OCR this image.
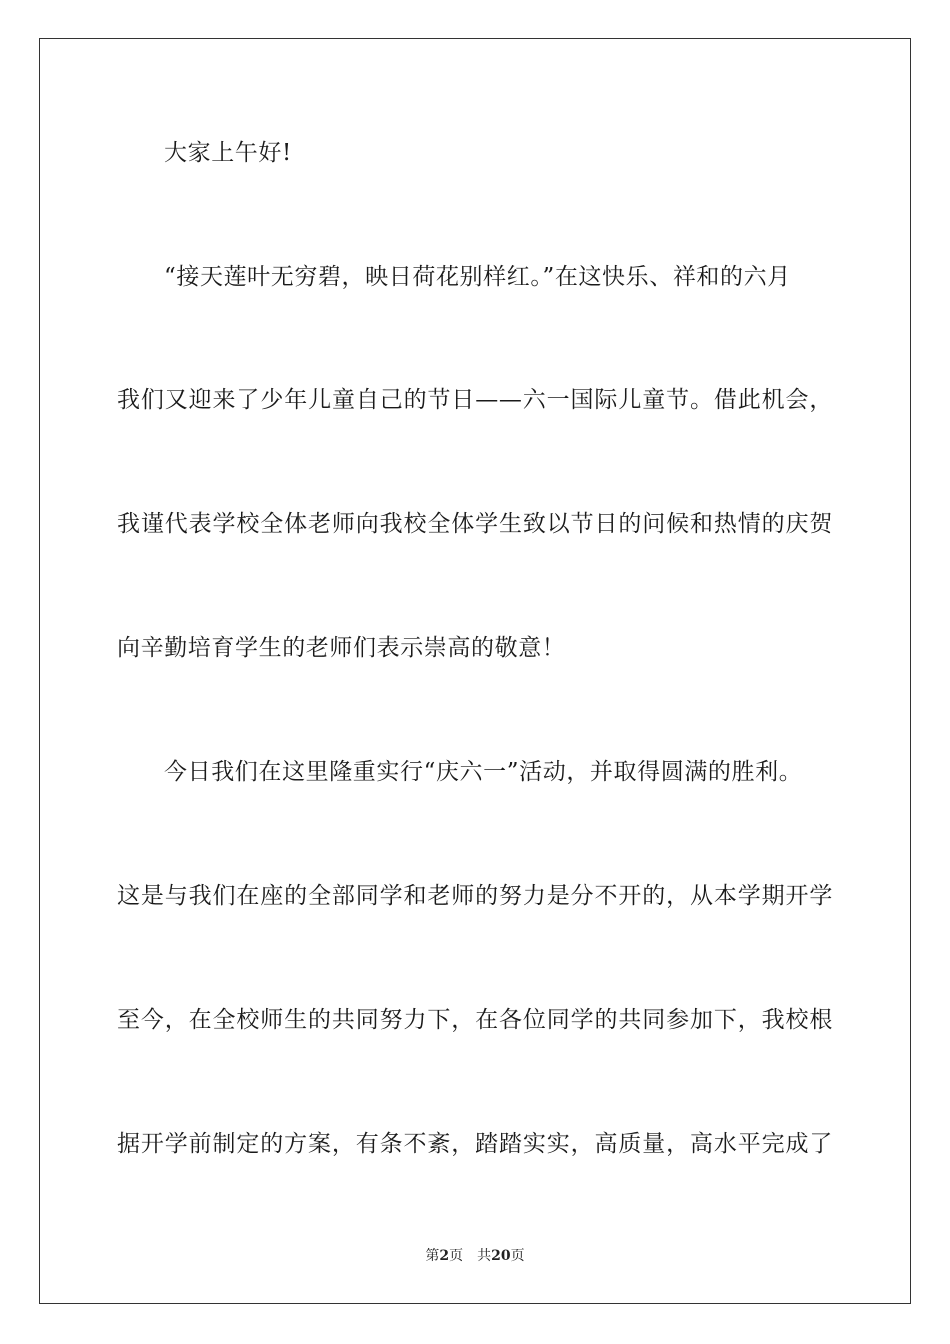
大家上午好!
“接天莲叶无穷碧，映日荷花别样红。”在这快乐、祥和的六月
我们又迎来了少年儿童自己的节日——六一国际儿童节。借此机会，
我谨代表学校全体老师向我校全体学生致以节日的问候和热情的庆贺
向辛勤培育学生的老师们表示崇高的敬意！
今日我们在这里隆重实行“庆六一”活动，并取得圆满的胜利。
这是与我们在座的全部同学和老师的努力是分不开的，从本学期开学
至今，在全校师生的共同努力下，在各位同学的共同参加下，我校根
据开学前制定的方案，有条不紊，踏踏实实，高质量，高水平完成了
第2页 共20页
